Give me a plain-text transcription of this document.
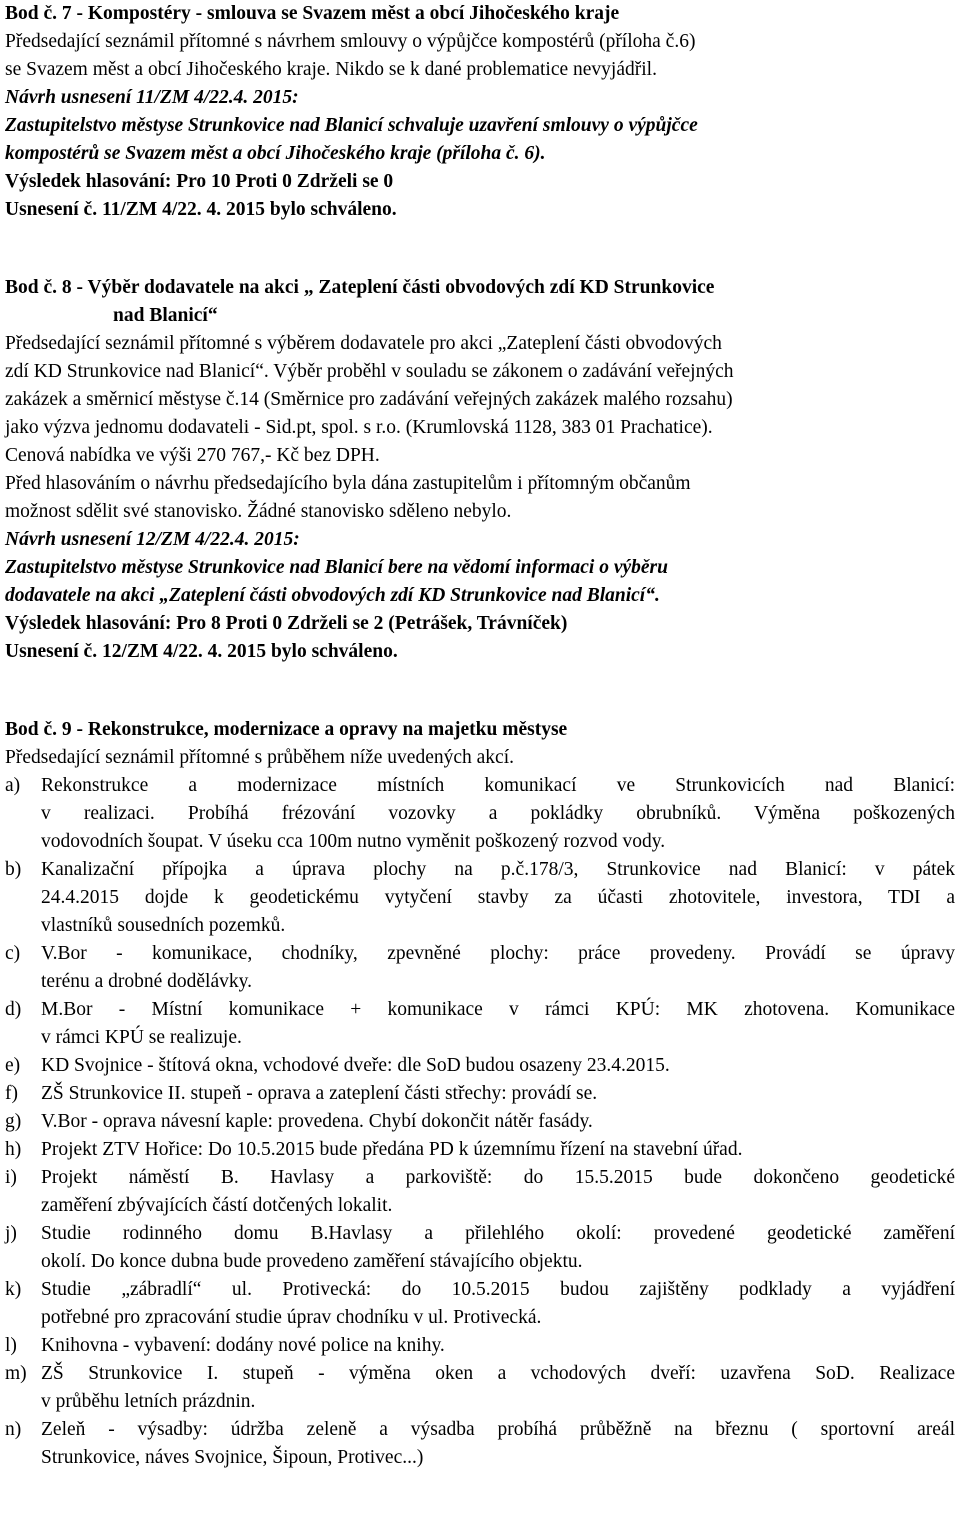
Bod č. 7 - Kompostéry - smlouva se Svazem měst a obcí Jihočeského kraje
Předsedající seznámil přítomné s návrhem smlouvy o výpůjčce kompostérů (příloha č.6)
se Svazem měst a obcí Jihočeského kraje. Nikdo se k dané problematice nevyjádřil.
Návrh usnesení 11/ZM 4/22.4. 2015:
Zastupitelstvo městyse Strunkovice nad Blanicí schvaluje uzavření smlouvy o výpůjčce
kompostérů se Svazem měst a obcí Jihočeského kraje (příloha č. 6).
Výsledek hlasování: Pro 10 Proti 0 Zdrželi se 0
Usnesení č. 11/ZM 4/22. 4. 2015 bylo schváleno.
Bod č. 8 - Výběr dodavatele na akci „ Zateplení části obvodových zdí KD Strunkovice
nad Blanicí“
Předsedající seznámil přítomné s výběrem dodavatele pro akci „Zateplení části obvodových
zdí KD Strunkovice nad Blanicí“. Výběr proběhl v souladu se zákonem o zadávání veřejných
zakázek a směrnicí městyse č.14 (Směrnice pro zadávání veřejných zakázek malého rozsahu)
jako výzva jednomu dodavateli - Sid.pt, spol. s r.o. (Krumlovská 1128, 383 01 Prachatice).
Cenová nabídka ve výši 270 767,- Kč bez DPH.
Před hlasováním o návrhu předsedajícího byla dána zastupitelům i přítomným občanům
možnost sdělit své stanovisko. Žádné stanovisko sděleno nebylo.
Návrh usnesení 12/ZM 4/22.4. 2015:
Zastupitelstvo městyse Strunkovice nad Blanicí bere na vědomí informaci o výběru
dodavatele na akci „Zateplení části obvodových zdí KD Strunkovice nad Blanicí“.
Výsledek hlasování: Pro 8 Proti 0 Zdrželi se 2 (Petrášek, Trávníček)
Usnesení č. 12/ZM 4/22. 4. 2015 bylo schváleno.
Bod č. 9 - Rekonstrukce, modernizace a opravy na majetku městyse
Předsedající seznámil přítomné s průběhem níže uvedených akcí.
a) Rekonstrukce a modernizace místních komunikací ve Strunkovicích nad Blanicí:
v realizaci. Probíhá frézování vozovky a pokládky obrubníků. Výměna poškozených
vodovodních šoupat. V úseku cca 100m nutno vyměnit poškozený rozvod vody.
b) Kanalizační přípojka a úprava plochy na p.č.178/3, Strunkovice nad Blanicí: v pátek
24.4.2015 dojde k geodetickému vytyčení stavby za účasti zhotovitele, investora, TDI a
vlastníků sousedních pozemků.
c) V.Bor - komunikace, chodníky, zpevněné plochy: práce provedeny. Provádí se úpravy
terénu a drobné dodělávky.
d) M.Bor - Místní komunikace + komunikace v rámci KPÚ: MK zhotovena. Komunikace
v rámci KPÚ se realizuje.
e) KD Svojnice - štítová okna, vchodové dveře: dle SoD budou osazeny 23.4.2015.
f) ZŠ Strunkovice II. stupeň - oprava a zateplení části střechy: provádí se.
g) V.Bor - oprava návesní kaple: provedena. Chybí dokončit nátěr fasády.
h) Projekt ZTV Hořice: Do 10.5.2015 bude předána PD k územnímu řízení na stavební úřad.
i) Projekt náměstí B. Havlasy a parkoviště: do 15.5.2015 bude dokončeno geodetické
zaměření zbývajících částí dotčených lokalit.
j) Studie rodinného domu B.Havlasy a přilehlého okolí: provedené geodetické zaměření
okolí. Do konce dubna bude provedeno zaměření stávajícího objektu.
k) Studie „zábradlí“ ul. Protivecká: do 10.5.2015 budou zajištěny podklady a vyjádření
potřebné pro zpracování studie úprav chodníku v ul. Protivecká.
l) Knihovna - vybavení: dodány nové police na knihy.
m) ZŠ Strunkovice I. stupeň - výměna oken a vchodových dveří: uzavřena SoD. Realizace
v průběhu letních prázdnin.
n) Zeleň - výsadby: údržba zeleně a výsadba probíhá průběžně na březnu ( sportovní areál
Strunkovice, náves Svojnice, Šipoun, Protivec...)
